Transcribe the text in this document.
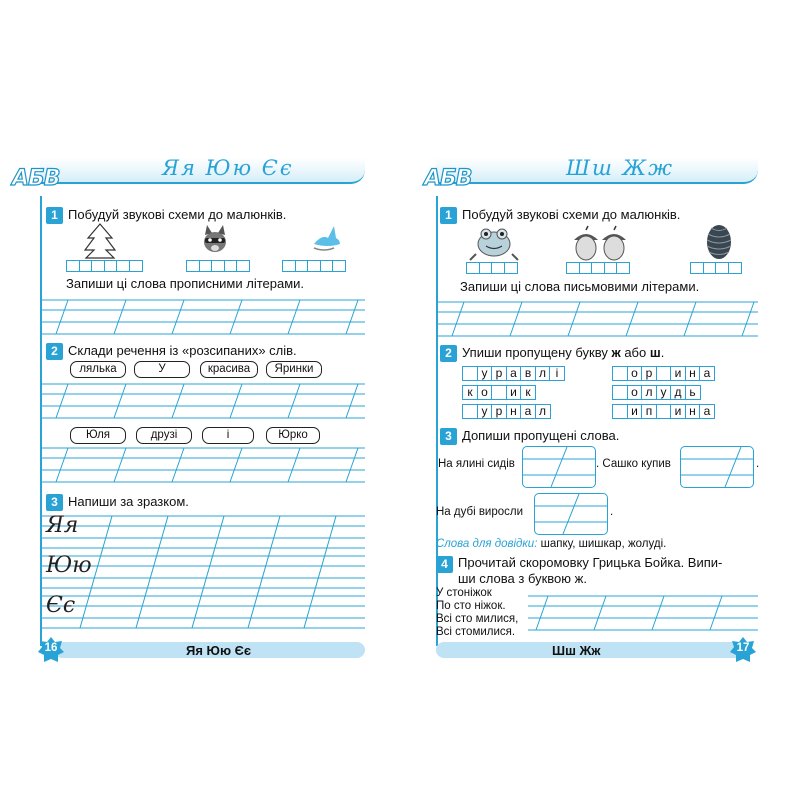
Яя Юю Єє
АБВ
1 Побудуй звукові схеми до малюнків.
Запиши ці слова прописними літерами.
2 Склади речення із «розсипаних» слів.
лялька	У	красива	Яринки
Юля	друзі	і	Юрко
3 Напиши за зразком.
Яя
Юю
Єє
Яя Юю Єє
16
Шш Жж
АБВ
1 Побудуй звукові схеми до малюнків.
Запиши ці слова письмовими літерами.
2 Упиши пропущену букву ж або ш.
у р а в л і
к о	и к
у р н а л
о р	и н а
о л у д ь
и п	и н а
3 Допиши пропущені слова.
На ялині сидів	. Сашко купив	.
На дубі виросли	.
Слова для довідки: шапку, шишкар, жолуді.
4 Прочитай скоромовку Грицька Бойка. Випи-
ши слова з буквою ж.
У стоніжок
По сто ніжок.
Всі сто милися,
Всі стомилися.
Шш Жж	17
